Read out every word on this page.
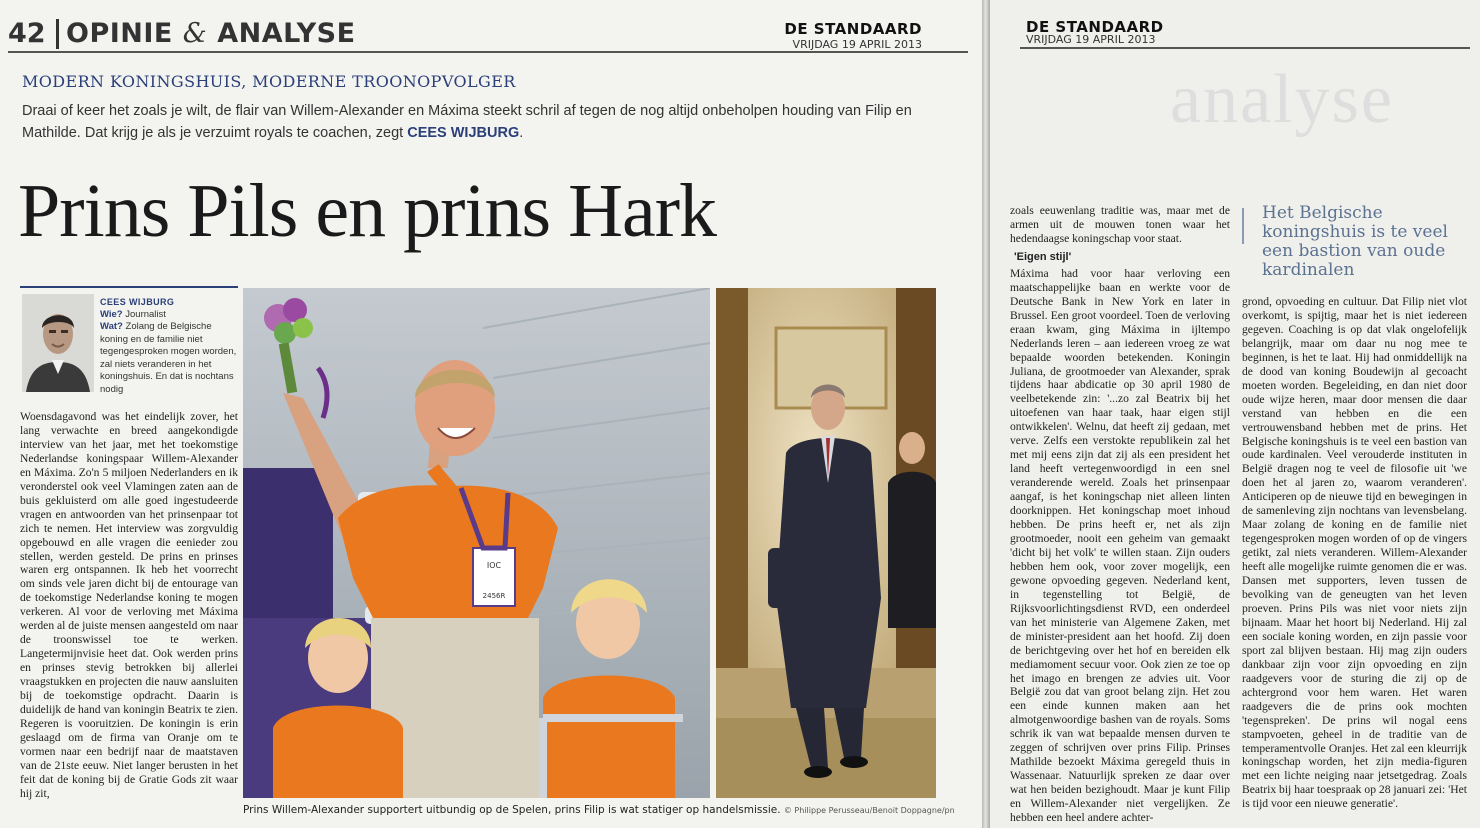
42 OPINIE & ANALYSE	DE STANDAARD
VRIJDAG 19 APRIL 2013
MODERN KONINGSHUIS, MODERNE TROONOPVOLGER
Draai of keer het zoals je wilt, de flair van Willem-Alexander en Máxima steekt schril af tegen de nog altijd onbeholpen houding van Filip en Mathilde. Dat krijg je als je verzuimt royals te coachen, zegt CEES WIJBURG.
Prins Pils en prins Hark
CEES WIJBURG
Wie? Journalist
Wat? Zolang de Belgische koning en de familie niet tegengesproken mogen worden, zal niets veranderen in het koningshuis. En dat is nochtans nodig

Woensdagavond was het eindelijk zover, het lang verwachte en breed aangekondigde interview van het jaar, met het toekomstige Nederlandse koningspaar Willem-Alexander en Máxima. Zo'n 5 miljoen Nederlanders en ik veronderstel ook veel Vlamingen zaten aan de buis gekluisterd om alle goed ingestudeerde vragen en antwoorden van het prinsenpaar tot zich te nemen. Het interview was zorgvuldig opgebouwd en alle vragen die eenieder zou stellen, werden gesteld. De prins en prinses waren erg ontspannen. Ik heb het voorrecht om sinds vele jaren dicht bij de entourage van de toekomstige Nederlandse koning te mogen verkeren. Al voor de verloving met Máxima werden al de juiste mensen aangesteld om naar de troonswissel toe te werken. Langetermijnvisie heet dat. Ook werden prins en prinses stevig betrokken bij allerlei vraagstukken en projecten die nauw aansluiten bij de toekomstige opdracht. Daarin is duidelijk de hand van koningin Beatrix te zien. Regeren is vooruitzien. De koningin is erin geslaagd om de firma van Oranje om te vormen naar een bedrijf naar de maatstaven van de 21ste eeuw. Niet langer berusten in het feit dat de koning bij de Gratie Gods zit waar hij zit,

IOC
2456R
Prins Willem-Alexander supportert uitbundig op de Spelen, prins Filip is wat statiger op handelsmissie. © Philippe Perusseau/Benoit Doppagne/pn
DE STANDAARD
VRIJDAG 19 APRIL 2013
analyse

zoals eeuwenlang traditie was, maar met de armen uit de mouwen tonen waar het hedendaagse koningschap voor staat.

'Eigen stijl'

Máxima had voor haar verloving een maatschappelijke baan en werkte voor de Deutsche Bank in New York en later in Brussel. Een groot voordeel. Toen de verloving eraan kwam, ging Máxima in ijltempo Nederlands leren – aan iedereen vroeg ze wat bepaalde woorden betekenden. Koningin Juliana, de grootmoeder van Alexander, sprak tijdens haar abdicatie op 30 april 1980 de veelbetekende zin: '...zo zal Beatrix bij het uitoefenen van haar taak, haar eigen stijl ontwikkelen'. Welnu, dat heeft zij gedaan, met verve. Zelfs een verstokte republikein zal het met mij eens zijn dat zij als een president het land heeft vertegenwoordigd in een snel veranderende wereld. Zoals het prinsenpaar aangaf, is het koningschap niet alleen linten doorknippen. Het koningschap moet inhoud hebben. De prins heeft er, net als zijn grootmoeder, nooit een geheim van gemaakt 'dicht bij het volk' te willen staan. Zijn ouders hebben hem ook, voor zover mogelijk, een gewone opvoeding gegeven. Nederland kent, in tegenstelling tot België, de Rijksvoorlichtingsdienst RVD, een onderdeel van het ministerie van Algemene Zaken, met de minister-president aan het hoofd. Zij doen de berichtgeving over het hof en bereiden elk mediamoment secuur voor. Ook zien ze toe op het imago en brengen ze advies uit. Voor België zou dat van groot belang zijn. Het zou een einde kunnen maken aan het almotgenwoordige bashen van de royals. Soms schrik ik van wat bepaalde mensen durven te zeggen of schrijven over prins Filip. Prinses Mathilde bezoekt Máxima geregeld thuis in Wassenaar. Natuurlijk spreken ze daar over wat hen beiden bezighoudt. Maar je kunt Filip en Willem-Alexander niet vergelijken. Ze hebben een heel andere achter-

Het Belgische koningshuis is te veel een bastion van oude kardinalen

grond, opvoeding en cultuur. Dat Filip niet vlot overkomt, is spijtig, maar het is niet iedereen gegeven. Coaching is op dat vlak ongelofelijk belangrijk, maar om daar nu nog mee te beginnen, is het te laat. Hij had onmiddellijk na de dood van koning Boudewijn al gecoacht moeten worden. Begeleiding, en dan niet door oude wijze heren, maar door mensen die daar verstand van hebben en die een vertrouwensband hebben met de prins. Het Belgische koningshuis is te veel een bastion van oude kardinalen. Veel verouderde instituten in België dragen nog te veel de filosofie uit 'we doen het al jaren zo, waarom veranderen'. Anticiperen op de nieuwe tijd en bewegingen in de samenleving zijn nochtans van levensbelang. Maar zolang de koning en de familie niet tegengesproken mogen worden of op de vingers getikt, zal niets veranderen. Willem-Alexander heeft alle mogelijke ruimte genomen die er was. Dansen met supporters, leven tussen de bevolking van de geneugten van het leven proeven. Prins Pils was niet voor niets zijn bijnaam. Maar het hoort bij Nederland. Hij zal een sociale koning worden, en zijn passie voor sport zal blijven bestaan. Hij mag zijn ouders dankbaar zijn voor zijn opvoeding en zijn raadgevers voor de sturing die zij op de achtergrond voor hem waren. Het waren raadgevers die de prins ook mochten 'tegenspreken'. De prins wil nogal eens stampvoeten, geheel in de traditie van de temperamentvolle Oranjes. Het zal een kleurrijk koningschap worden, het zijn media-figuren met een lichte neiging naar jetsetgedrag. Zoals Beatrix bij haar toespraak op 28 januari zei: 'Het is tijd voor een nieuwe generatie'.
